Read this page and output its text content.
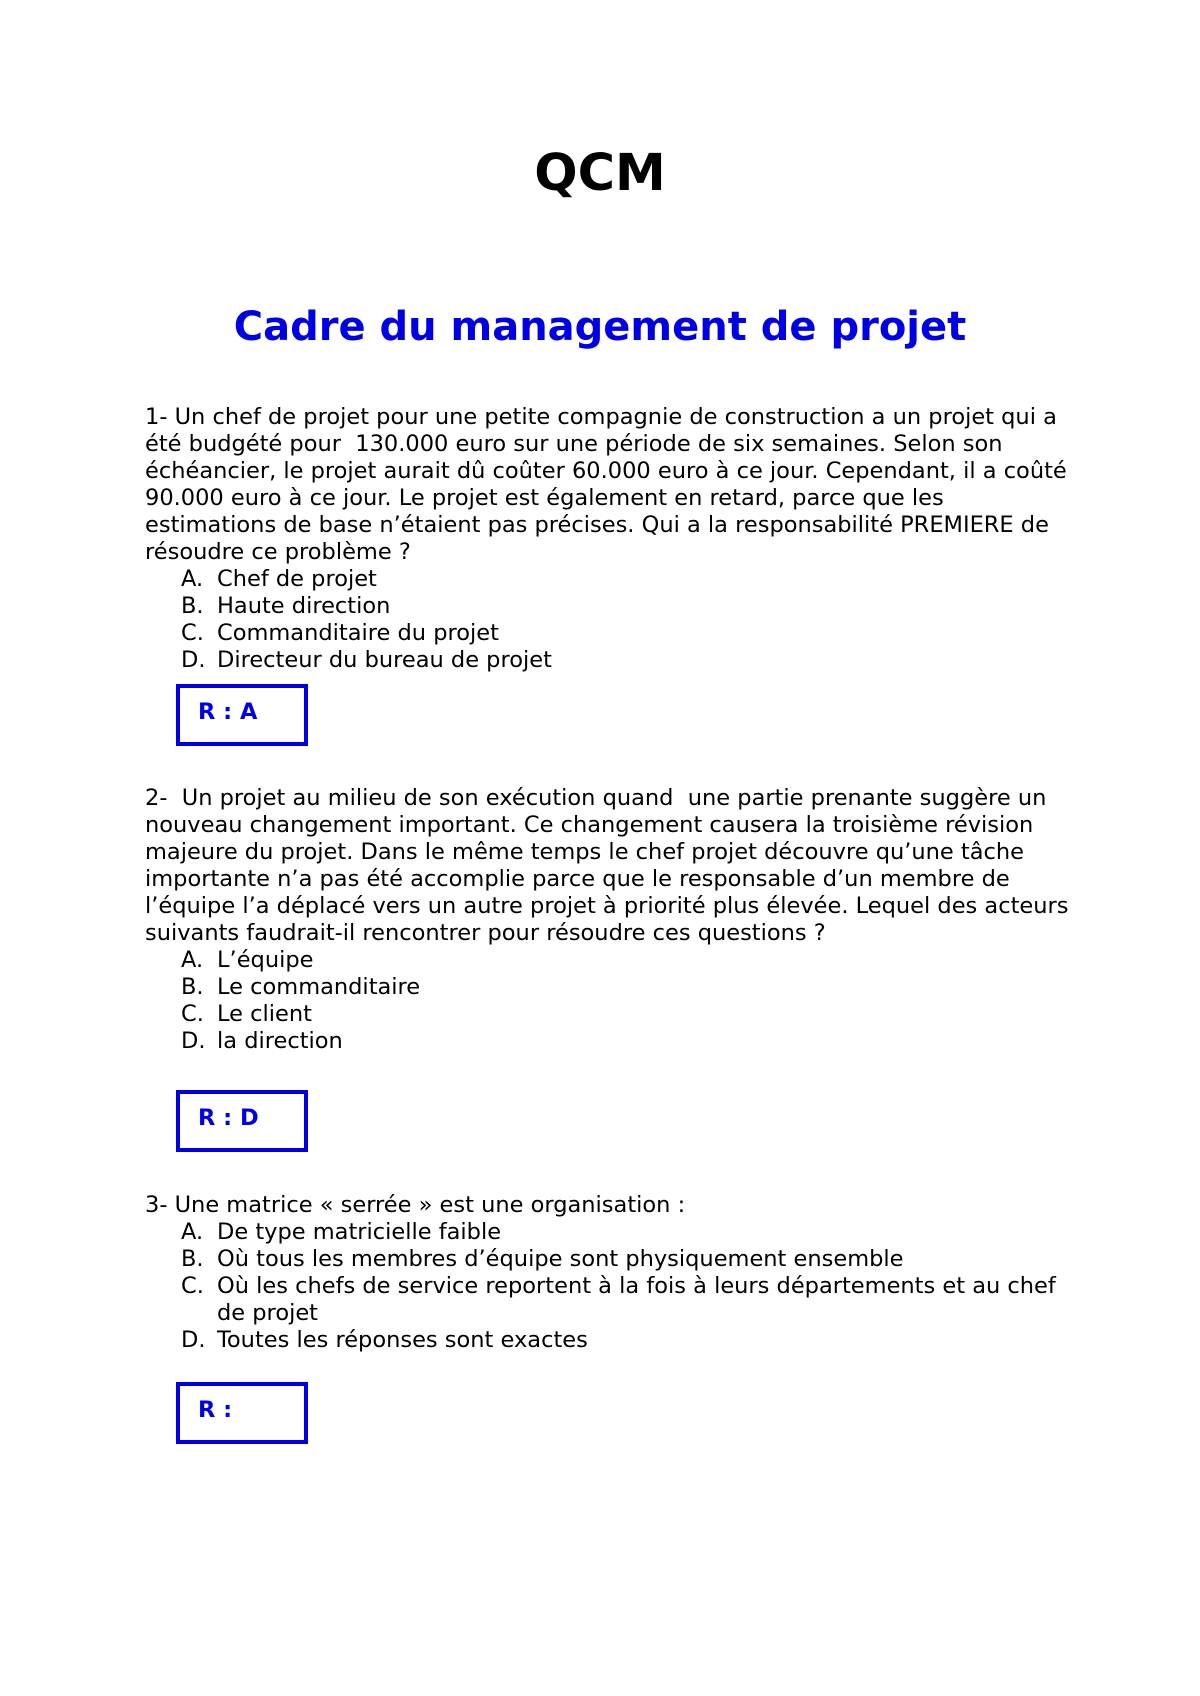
QCM
Cadre du management de projet

1- Un chef de projet pour une petite compagnie de construction a un projet qui a été budgété pour  130.000 euro sur une période de six semaines. Selon son échéancier, le projet aurait dû coûter 60.000 euro à ce jour. Cependant, il a coûté 90.000 euro à ce jour. Le projet est également en retard, parce que les estimations de base n’étaient pas précises. Qui a la responsabilité PREMIERE de résoudre ce problème ?

A. Chef de projet
B. Haute direction
C. Commanditaire du projet
D. Directeur du bureau de projet
R : A

2-  Un projet au milieu de son exécution quand  une partie prenante suggère un nouveau changement important. Ce changement causera la troisième révision majeure du projet. Dans le même temps le chef projet découvre qu’une tâche importante n’a pas été accomplie parce que le responsable d’un membre de l’équipe l’a déplacé vers un autre projet à priorité plus élevée. Lequel des acteurs suivants faudrait-il rencontrer pour résoudre ces questions ?

A. L’équipe
B. Le commanditaire
C. Le client
D. la direction
R : D

3- Une matrice « serrée » est une organisation :

A. De type matricielle faible
B. Où tous les membres d’équipe sont physiquement ensemble
C. Où les chefs de service reportent à la fois à leurs départements et au chef de projet
D. Toutes les réponses sont exactes
R :
